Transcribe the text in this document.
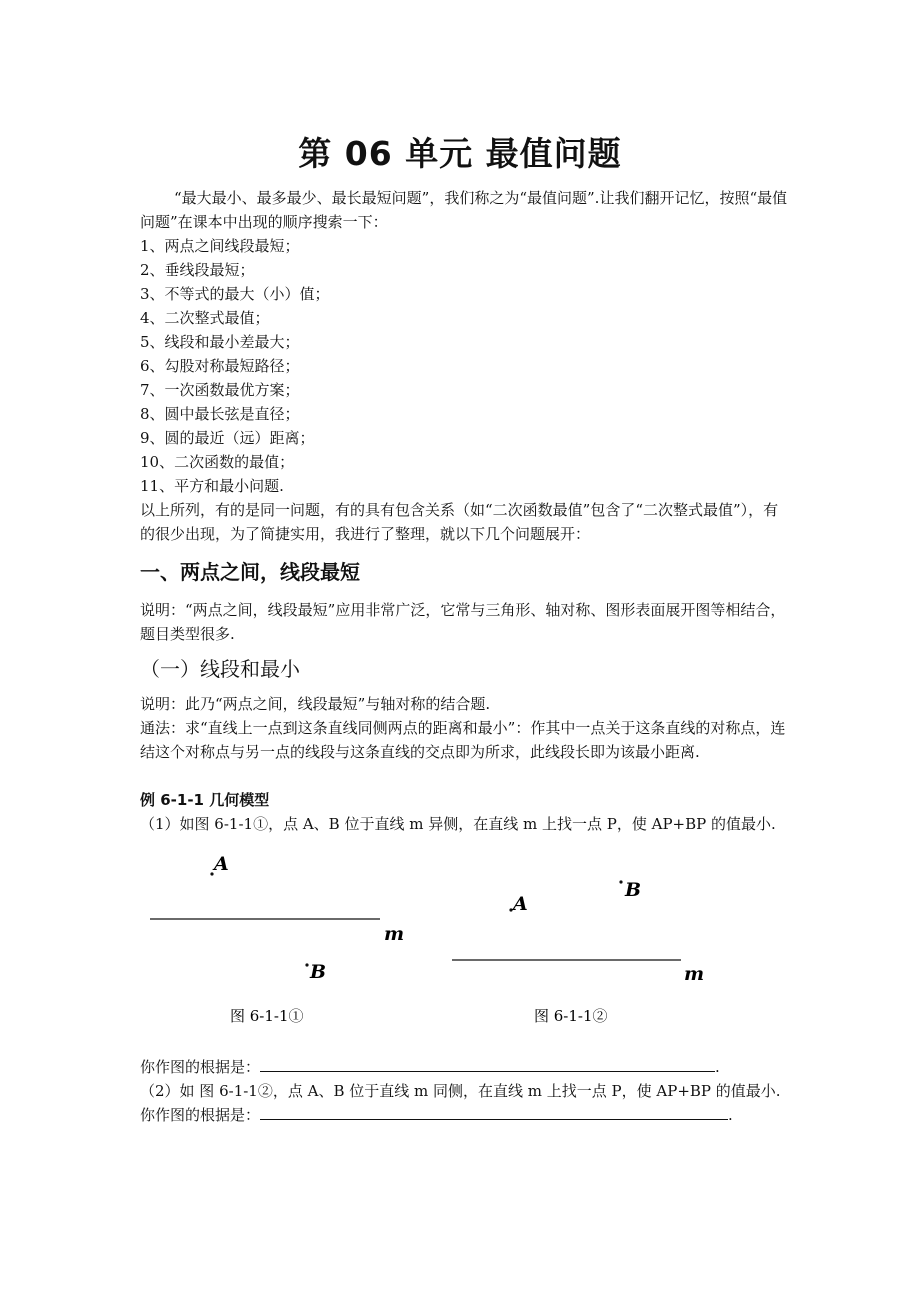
第 06 单元 最值问题

“最大最小、最多最少、最长最短问题”，我们称之为“最值问题”.让我们翻开记忆，按照“最值问题”在课本中出现的顺序搜索一下：

1、两点之间线段最短；
2、垂线段最短；
3、不等式的最大（小）值；
4、二次整式最值；
5、线段和最小差最大；
6、勾股对称最短路径；
7、一次函数最优方案；
8、圆中最长弦是直径；
9、圆的最近（远）距离；
10、二次函数的最值；
11、平方和最小问题.

以上所列，有的是同一问题，有的具有包含关系（如“二次函数最值”包含了“二次整式最值”），有的很少出现，为了简捷实用，我进行了整理，就以下几个问题展开：

一、两点之间，线段最短

说明：“两点之间，线段最短”应用非常广泛，它常与三角形、轴对称、图形表面展开图等相结合，题目类型很多.

（一）线段和最小

说明：此乃“两点之间，线段最短”与轴对称的结合题.

通法：求“直线上一点到这条直线同侧两点的距离和最小”：作其中一点关于这条直线的对称点，连结这个对称点与另一点的线段与这条直线的交点即为所求，此线段长即为该最小距离.

例 6-1-1 几何模型

（1）如图 6-1-1①，点 A、B 位于直线 m 异侧，在直线 m 上找一点 P，使 AP+BP 的值最小.

A
m
B
图 6-1-1①
B
A
m
图 6-1-1②

你作图的根据是：	.

（2）如 图 6-1-1②，点 A、B 位于直线 m 同侧，在直线 m 上找一点 P，使 AP+BP 的值最小.

你作图的根据是：	.
